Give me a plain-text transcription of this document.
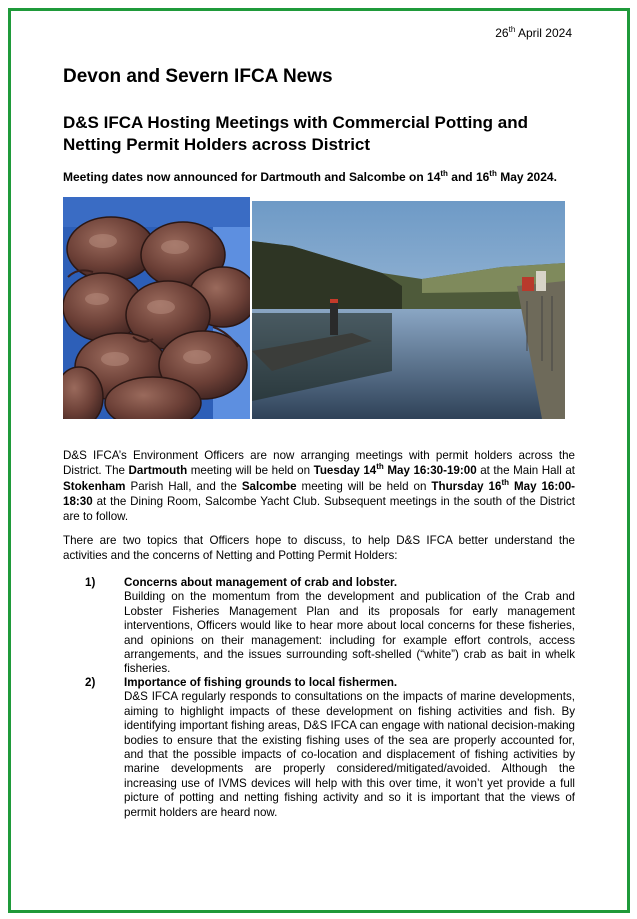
26th April 2024
Devon and Severn IFCA News
D&S IFCA Hosting Meetings with Commercial Potting and Netting Permit Holders across District
Meeting dates now announced for Dartmouth and Salcombe on 14th and 16th May 2024.
D&S IFCA’s Environment Officers are now arranging meetings with permit holders across the District. The Dartmouth meeting will be held on Tuesday 14th May 16:30-19:00 at the Main Hall at Stokenham Parish Hall, and the Salcombe meeting will be held on Thursday 16th May 16:00-18:30 at the Dining Room, Salcombe Yacht Club. Subsequent meetings in the south of the District are to follow.
There are two topics that Officers hope to discuss, to help D&S IFCA better understand the activities and the concerns of Netting and Potting Permit Holders:
1) Concerns about management of crab and lobster.
Building on the momentum from the development and publication of the Crab and Lobster Fisheries Management Plan and its proposals for early management interventions, Officers would like to hear more about local concerns for these fisheries, and opinions on their management: including for example effort controls, access arrangements, and the issues surrounding soft-shelled (“white”) crab as bait in whelk fisheries.
2) Importance of fishing grounds to local fishermen.
D&S IFCA regularly responds to consultations on the impacts of marine developments, aiming to highlight impacts of these development on fishing activities and fish. By identifying important fishing areas, D&S IFCA can engage with national decision-making bodies to ensure that the existing fishing uses of the sea are properly accounted for, and that the possible impacts of co-location and displacement of fishing activities by marine developments are properly considered/mitigated/avoided. Although the increasing use of IVMS devices will help with this over time, it won’t yet provide a full picture of potting and netting fishing activity and so it is important that the views of permit holders are heard now.
